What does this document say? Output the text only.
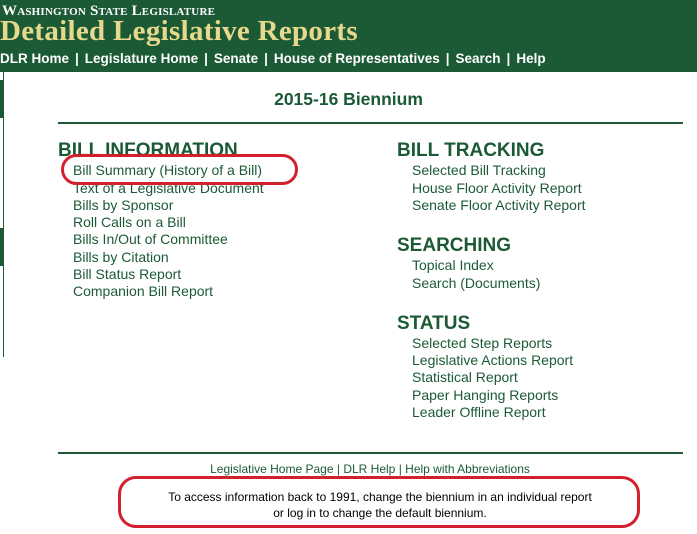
Washington State Legislature
Detailed Legislative Reports
DLR Home | Legislature Home | Senate | House of Representatives | Search | Help
2015-16 Biennium
BILL INFORMATION
Bill Summary (History of a Bill)
Text of a Legislative Document
Bills by Sponsor
Roll Calls on a Bill
Bills In/Out of Committee
Bills by Citation
Bill Status Report
Companion Bill Report
BILL TRACKING
Selected Bill Tracking
House Floor Activity Report
Senate Floor Activity Report
SEARCHING
Topical Index
Search (Documents)
STATUS
Selected Step Reports
Legislative Actions Report
Statistical Report
Paper Hanging Reports
Leader Offline Report
Legislative Home Page | DLR Help | Help with Abbreviations
To access information back to 1991, change the biennium in an individual report
or log in to change the default biennium.
